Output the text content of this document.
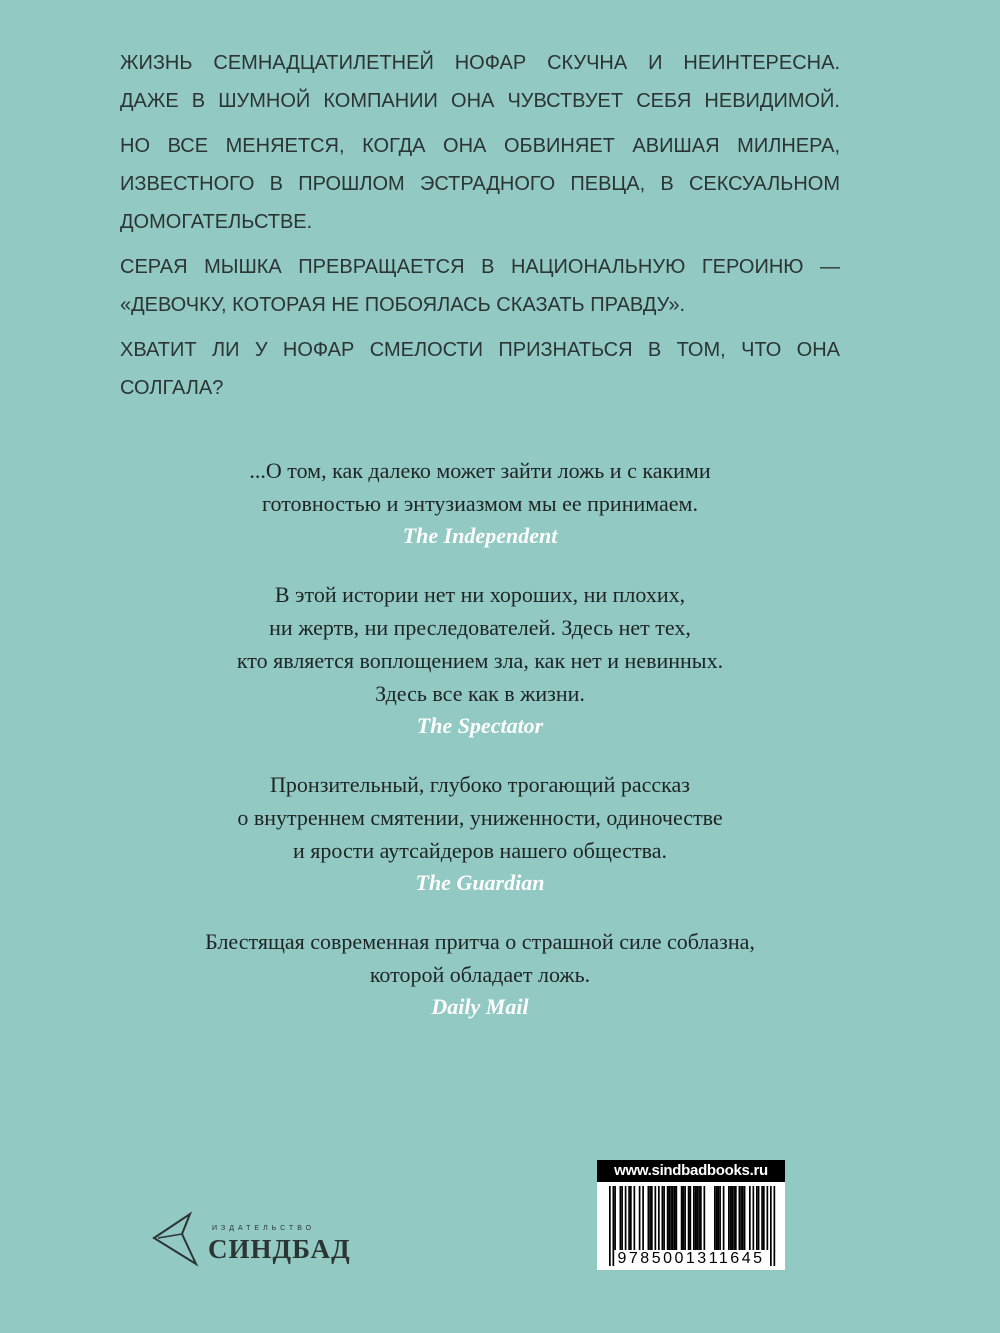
ЖИЗНЬ СЕМНАДЦАТИЛЕТНЕЙ НОФАР СКУЧНА И НЕИНТЕРЕСНА.
ДАЖЕ В ШУМНОЙ КОМПАНИИ ОНА ЧУВСТВУЕТ СЕБЯ НЕВИДИМОЙ.
НО ВСЕ МЕНЯЕТСЯ, КОГДА ОНА ОБВИНЯЕТ АВИШАЯ МИЛНЕРА,
ИЗВЕСТНОГО В ПРОШЛОМ ЭСТРАДНОГО ПЕВЦА, В СЕКСУАЛЬНОМ
ДОМОГАТЕЛЬСТВЕ.
СЕРАЯ МЫШКА ПРЕВРАЩАЕТСЯ В НАЦИОНАЛЬНУЮ ГЕРОИНЮ —
«ДЕВОЧКУ, КОТОРАЯ НЕ ПОБОЯЛАСЬ СКАЗАТЬ ПРАВДУ».
ХВАТИТ ЛИ У НОФАР СМЕЛОСТИ ПРИЗНАТЬСЯ В ТОМ, ЧТО ОНА
СОЛГАЛА?
...О том, как далеко может зайти ложь и с какими
готовностью и энтузиазмом мы ее принимаем.
The Independent
В этой истории нет ни хороших, ни плохих,
ни жертв, ни преследователей. Здесь нет тех,
кто является воплощением зла, как нет и невинных.
Здесь все как в жизни.
The Spectator
Пронзительный, глубоко трогающий рассказ
о внутреннем смятении, униженности, одиночестве
и ярости аутсайдеров нашего общества.
The Guardian
Блестящая современная притча о страшной силе соблазна,
которой обладает ложь.
Daily Mail
ИЗДАТЕЛЬСТВО
СИНДБАД
www.sindbadbooks.ru
9785001311645
